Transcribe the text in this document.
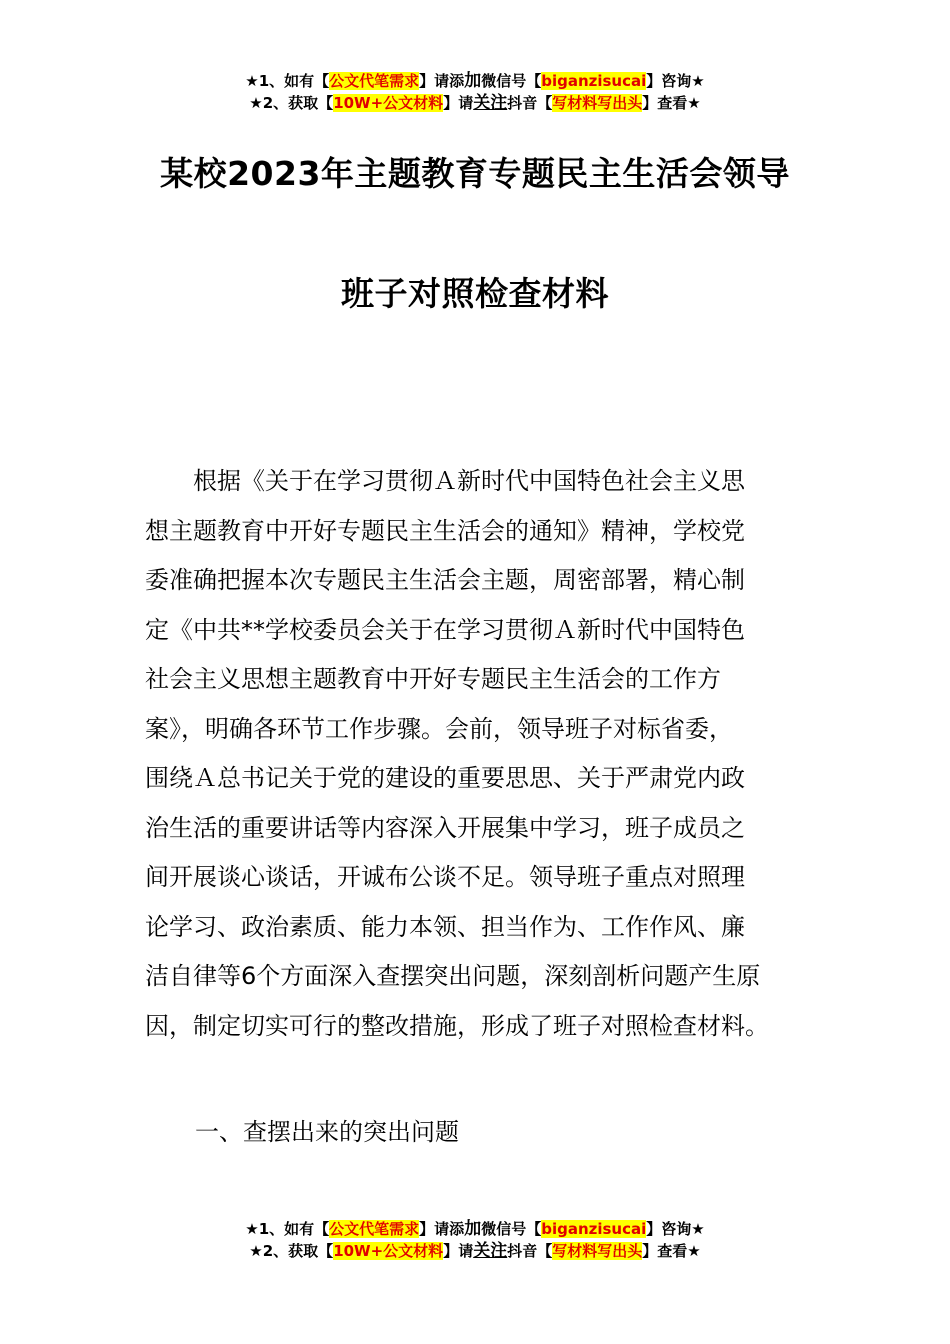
★1、如有【公文代笔需求】请添加微信号【biganzisucai】咨询★
★2、获取【10W+公文材料】请关注抖音【写材料写出头】查看★
某校2023年主题教育专题民主生活会领导
班子对照检查材料
　　根据《关于在学习贯彻Ａ新时代中国特色社会主义思
想主题教育中开好专题民主生活会的通知》精神，学校党
委准确把握本次专题民主生活会主题，周密部署，精心制
定《中共**学校委员会关于在学习贯彻Ａ新时代中国特色
社会主义思想主题教育中开好专题民主生活会的工作方
案》，明确各环节工作步骤。会前，领导班子对标省委，
围绕Ａ总书记关于党的建设的重要思思、关于严肃党内政
治生活的重要讲话等内容深入开展集中学习，班子成员之
间开展谈心谈话，开诚布公谈不足。领导班子重点对照理
论学习、政治素质、能力本领、担当作为、工作作风、廉
洁自律等6个方面深入查摆突出问题，深刻剖析问题产生原
因，制定切实可行的整改措施，形成了班子对照检查材料。
一、查摆出来的突出问题
★1、如有【公文代笔需求】请添加微信号【biganzisucai】咨询★
★2、获取【10W+公文材料】请关注抖音【写材料写出头】查看★
